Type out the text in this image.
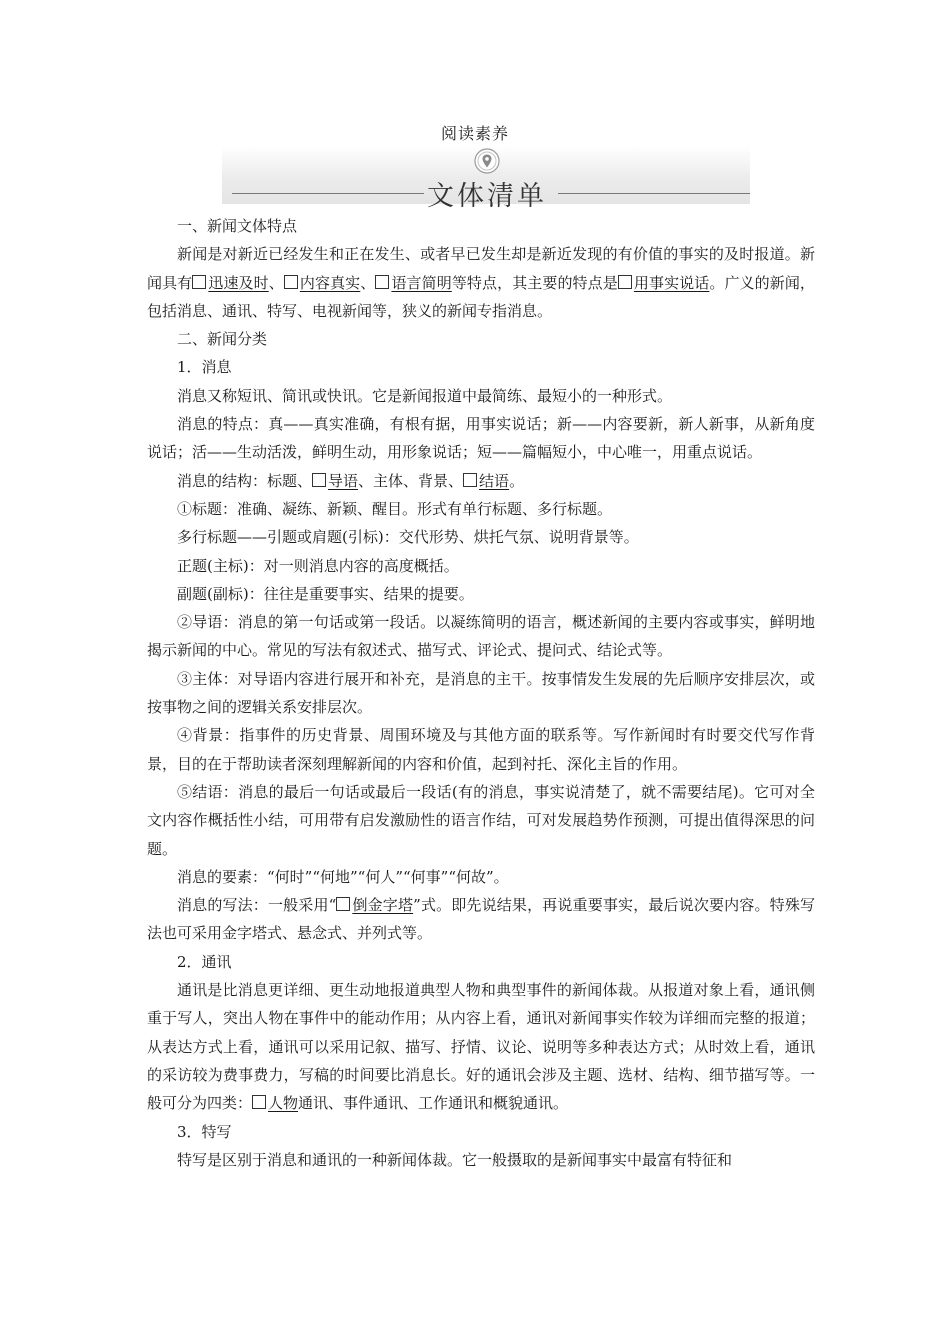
阅读素养
文体清单

一、新闻文体特点

新闻是对新近已经发生和正在发生、或者早已发生却是新近发现的有价值的事实的及时报道。新闻具有 迅速及时、 内容真实、 语言简明等特点，其主要的特点是 用事实说话。广义的新闻，包括消息、通讯、特写、电视新闻等，狭义的新闻专指消息。

二、新闻分类

1．消息

消息又称短讯、简讯或快讯。它是新闻报道中最简练、最短小的一种形式。

消息的特点：真——真实准确，有根有据，用事实说话；新——内容要新，新人新事，从新角度说话；活——生动活泼，鲜明生动，用形象说话；短——篇幅短小，中心唯一，用重点说话。

消息的结构：标题、 导语、主体、背景、 结语。

①标题：准确、凝练、新颖、醒目。形式有单行标题、多行标题。

多行标题——引题或肩题(引标)：交代形势、烘托气氛、说明背景等。

正题(主标)：对一则消息内容的高度概括。

副题(副标)：往往是重要事实、结果的提要。

②导语：消息的第一句话或第一段话。以凝练简明的语言，概述新闻的主要内容或事实，鲜明地揭示新闻的中心。常见的写法有叙述式、描写式、评论式、提问式、结论式等。

③主体：对导语内容进行展开和补充，是消息的主干。按事情发生发展的先后顺序安排层次，或按事物之间的逻辑关系安排层次。

④背景：指事件的历史背景、周围环境及与其他方面的联系等。写作新闻时有时要交代写作背景，目的在于帮助读者深刻理解新闻的内容和价值，起到衬托、深化主旨的作用。

⑤结语：消息的最后一句话或最后一段话(有的消息，事实说清楚了，就不需要结尾)。它可对全文内容作概括性小结，可用带有启发激励性的语言作结，可对发展趋势作预测，可提出值得深思的问题。

消息的要素：“何时”“何地”“何人”“何事”“何故”。

消息的写法：一般采用“ 倒金字塔”式。即先说结果，再说重要事实，最后说次要内容。特殊写法也可采用金字塔式、悬念式、并列式等。

2．通讯

通讯是比消息更详细、更生动地报道典型人物和典型事件的新闻体裁。从报道对象上看，通讯侧重于写人，突出人物在事件中的能动作用；从内容上看，通讯对新闻事实作较为详细而完整的报道；从表达方式上看，通讯可以采用记叙、描写、抒情、议论、说明等多种表达方式；从时效上看，通讯的采访较为费事费力，写稿的时间要比消息长。好的通讯会涉及主题、选材、结构、细节描写等。一般可分为四类： 人物通讯、事件通讯、工作通讯和概貌通讯。

3．特写

特写是区别于消息和通讯的一种新闻体裁。它一般摄取的是新闻事实中最富有特征和
